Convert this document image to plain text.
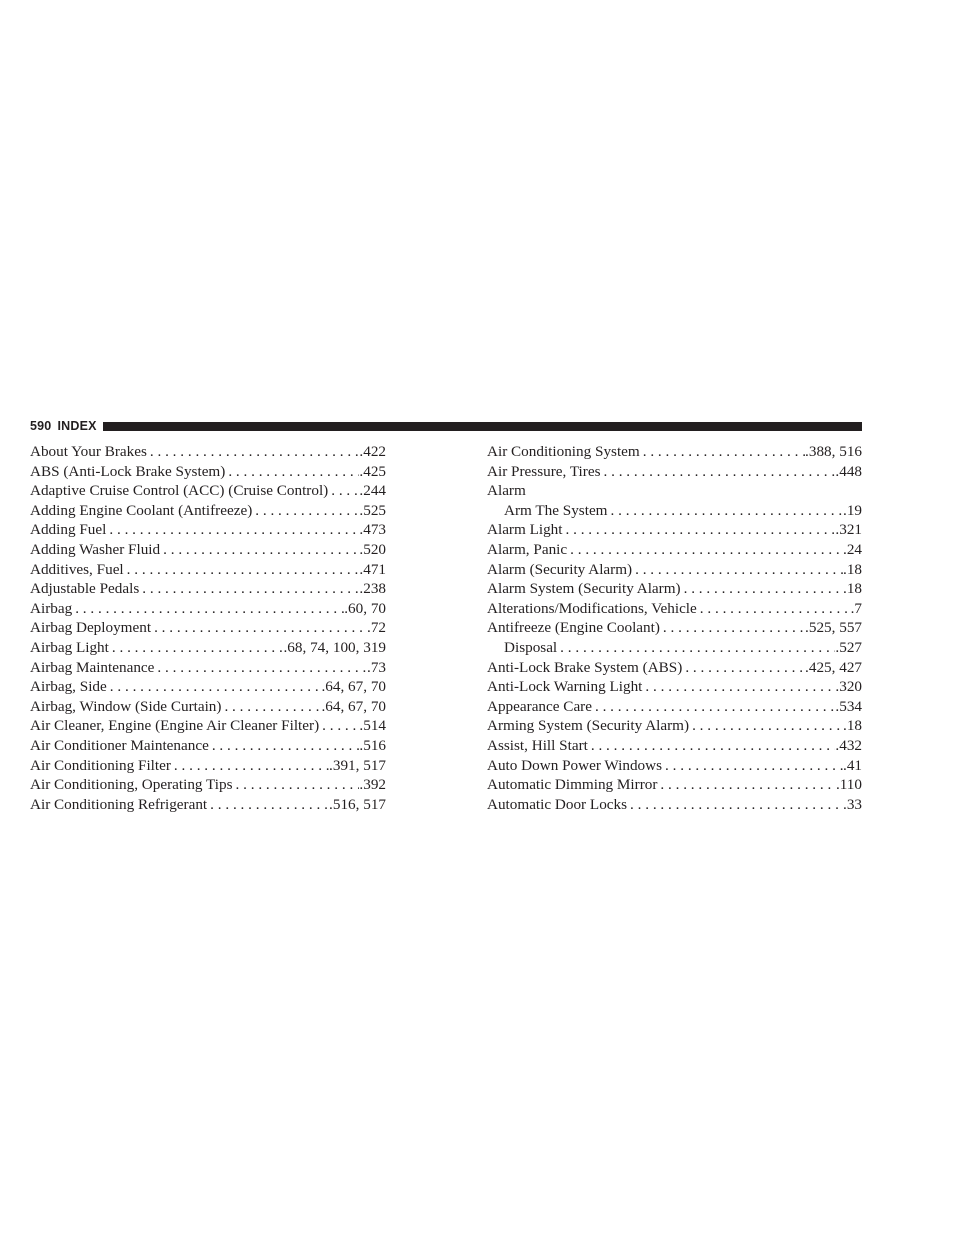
590 INDEX
About Your Brakes . . .	.422
ABS (Anti-Lock Brake System) . . .	.425
Adaptive Cruise Control (ACC) (Cruise Control) . . . .244
Adding Engine Coolant (Antifreeze) . . .	.525
Adding Fuel . . .	.473
Adding Washer Fluid . . .	.520
Additives, Fuel . . .	.471
Adjustable Pedals . . .	.238
Airbag . . .	.60, 70
Airbag Deployment . . .	.72
Airbag Light . . .	.68, 74, 100, 319
Airbag Maintenance . . .	.73
Airbag, Side . . .	.64, 67, 70
Airbag, Window (Side Curtain) . . .	.64, 67, 70
Air Cleaner, Engine (Engine Air Cleaner Filter) . . .	.514
Air Conditioner Maintenance . . .	.516
Air Conditioning Filter . . .	.391, 517
Air Conditioning, Operating Tips . . .	.392
Air Conditioning Refrigerant . . .	.516, 517
Air Conditioning System . . .	.388, 516
Air Pressure, Tires . . .	.448
Alarm
Arm The System . . .	.19
Alarm Light . . .	.321
Alarm, Panic . . .	.24
Alarm (Security Alarm) . . .	.18
Alarm System (Security Alarm) . . .	.18
Alterations/Modifications, Vehicle . . .	.7
Antifreeze (Engine Coolant) . . .	.525, 557
Disposal . . .	.527
Anti-Lock Brake System (ABS) . . .	.425, 427
Anti-Lock Warning Light . . .	.320
Appearance Care . . .	.534
Arming System (Security Alarm) . . .	.18
Assist, Hill Start . . .	.432
Auto Down Power Windows . . .	.41
Automatic Dimming Mirror . . .	.110
Automatic Door Locks . . .	.33
